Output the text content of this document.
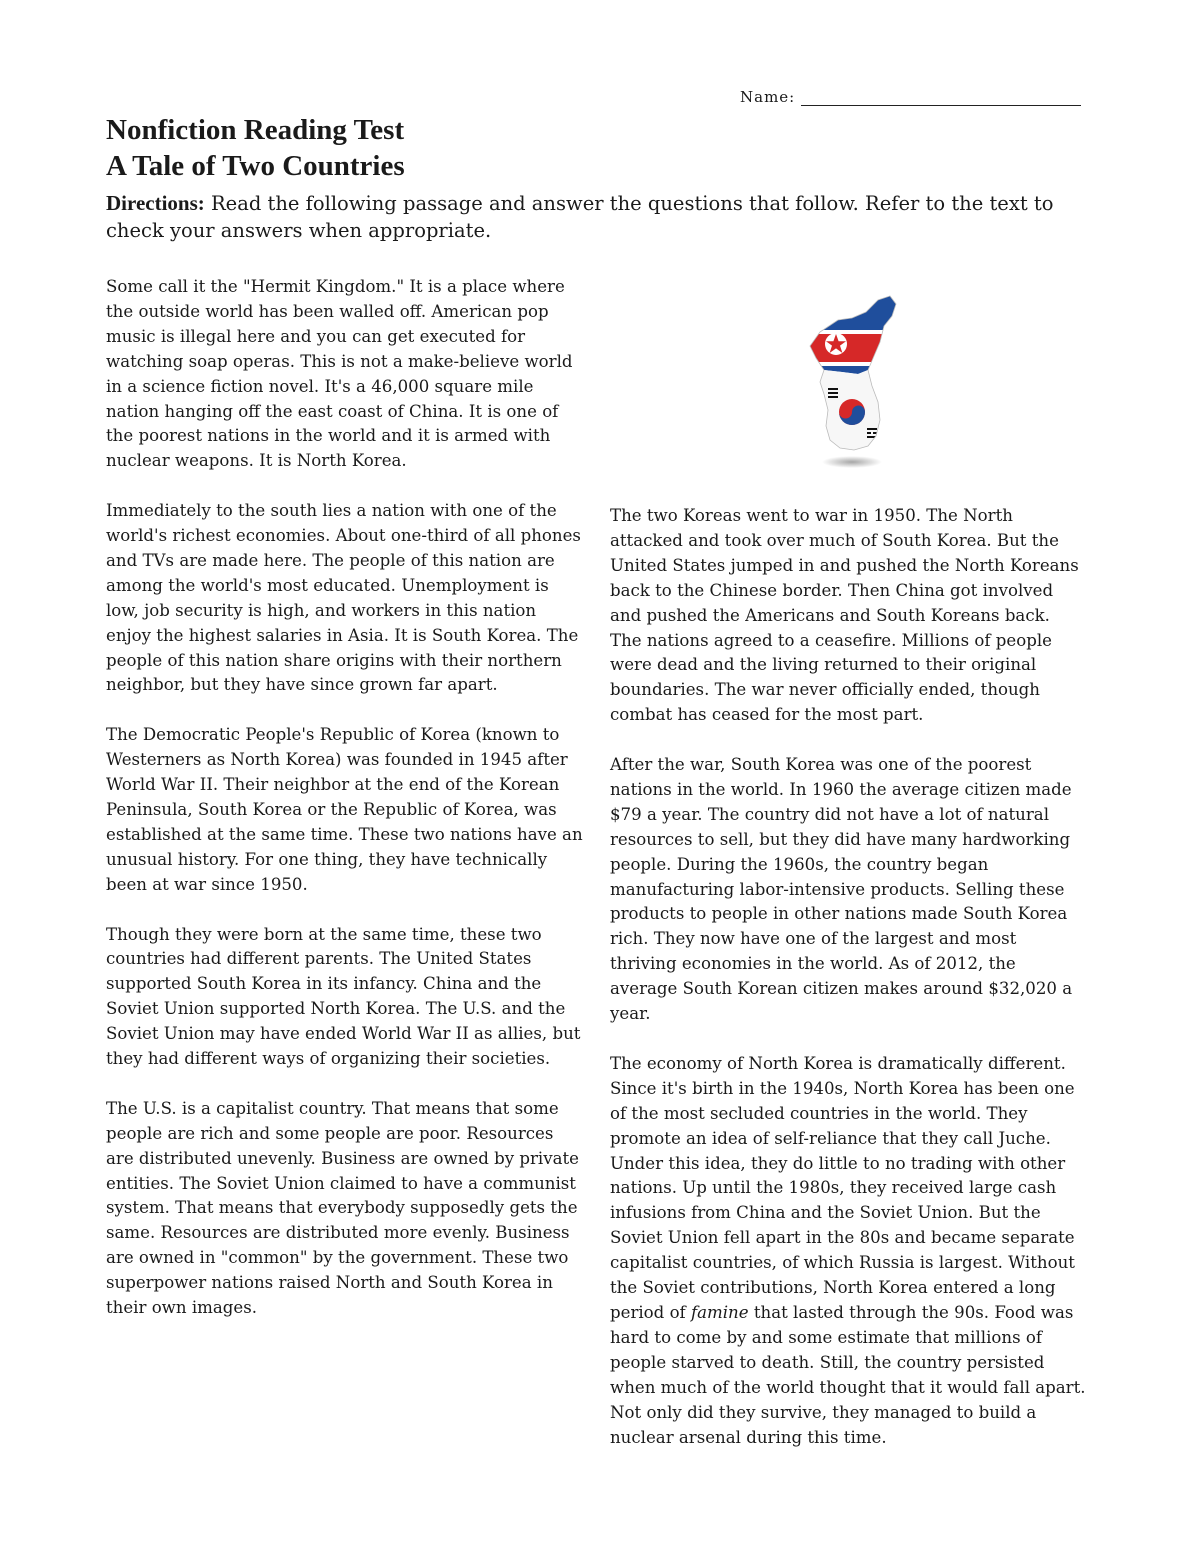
Name:
Nonfiction Reading Test
A Tale of Two Countries

Directions: Read the following passage and answer the questions that follow. Refer to the text to check your answers when appropriate.

Some call it the "Hermit Kingdom." It is a place where the outside world has been walled off. American pop music is illegal here and you can get executed for watching soap operas. This is not a make-believe world in a science fiction novel. It's a 46,000 square mile nation hanging off the east coast of China. It is one of the poorest nations in the world and it is armed with nuclear weapons. It is North Korea.

Immediately to the south lies a nation with one of the world's richest economies. About one-third of all phones and TVs are made here. The people of this nation are among the world's most educated. Unemployment is low, job security is high, and workers in this nation enjoy the highest salaries in Asia. It is South Korea. The people of this nation share origins with their northern neighbor, but they have since grown far apart.

The Democratic People's Republic of Korea (known to Westerners as North Korea) was founded in 1945 after World War II. Their neighbor at the end of the Korean Peninsula, South Korea or the Republic of Korea, was established at the same time. These two nations have an unusual history. For one thing, they have technically been at war since 1950.

Though they were born at the same time, these two countries had different parents. The United States supported South Korea in its infancy. China and the Soviet Union supported North Korea. The U.S. and the Soviet Union may have ended World War II as allies, but they had different ways of organizing their societies.

The U.S. is a capitalist country. That means that some people are rich and some people are poor. Resources are distributed unevenly. Business are owned by private entities. The Soviet Union claimed to have a communist system. That means that everybody supposedly gets the same. Resources are distributed more evenly. Business are owned in "common" by the government. These two superpower nations raised North and South Korea in their own images.

The two Koreas went to war in 1950. The North attacked and took over much of South Korea. But the United States jumped in and pushed the North Koreans back to the Chinese border. Then China got involved and pushed the Americans and South Koreans back. The nations agreed to a ceasefire. Millions of people were dead and the living returned to their original boundaries. The war never officially ended, though combat has ceased for the most part.

After the war, South Korea was one of the poorest nations in the world. In 1960 the average citizen made $79 a year. The country did not have a lot of natural resources to sell, but they did have many hardworking people. During the 1960s, the country began manufacturing labor-intensive products. Selling these products to people in other nations made South Korea rich. They now have one of the largest and most thriving economies in the world. As of 2012, the average South Korean citizen makes around $32,020 a year.

The economy of North Korea is dramatically different. Since it's birth in the 1940s, North Korea has been one of the most secluded countries in the world. They promote an idea of self-reliance that they call Juche. Under this idea, they do little to no trading with other nations. Up until the 1980s, they received large cash infusions from China and the Soviet Union. But the Soviet Union fell apart in the 80s and became separate capitalist countries, of which Russia is largest. Without the Soviet contributions, North Korea entered a long period of famine that lasted through the 90s. Food was hard to come by and some estimate that millions of people starved to death. Still, the country persisted when much of the world thought that it would fall apart. Not only did they survive, they managed to build a nuclear arsenal during this time.
